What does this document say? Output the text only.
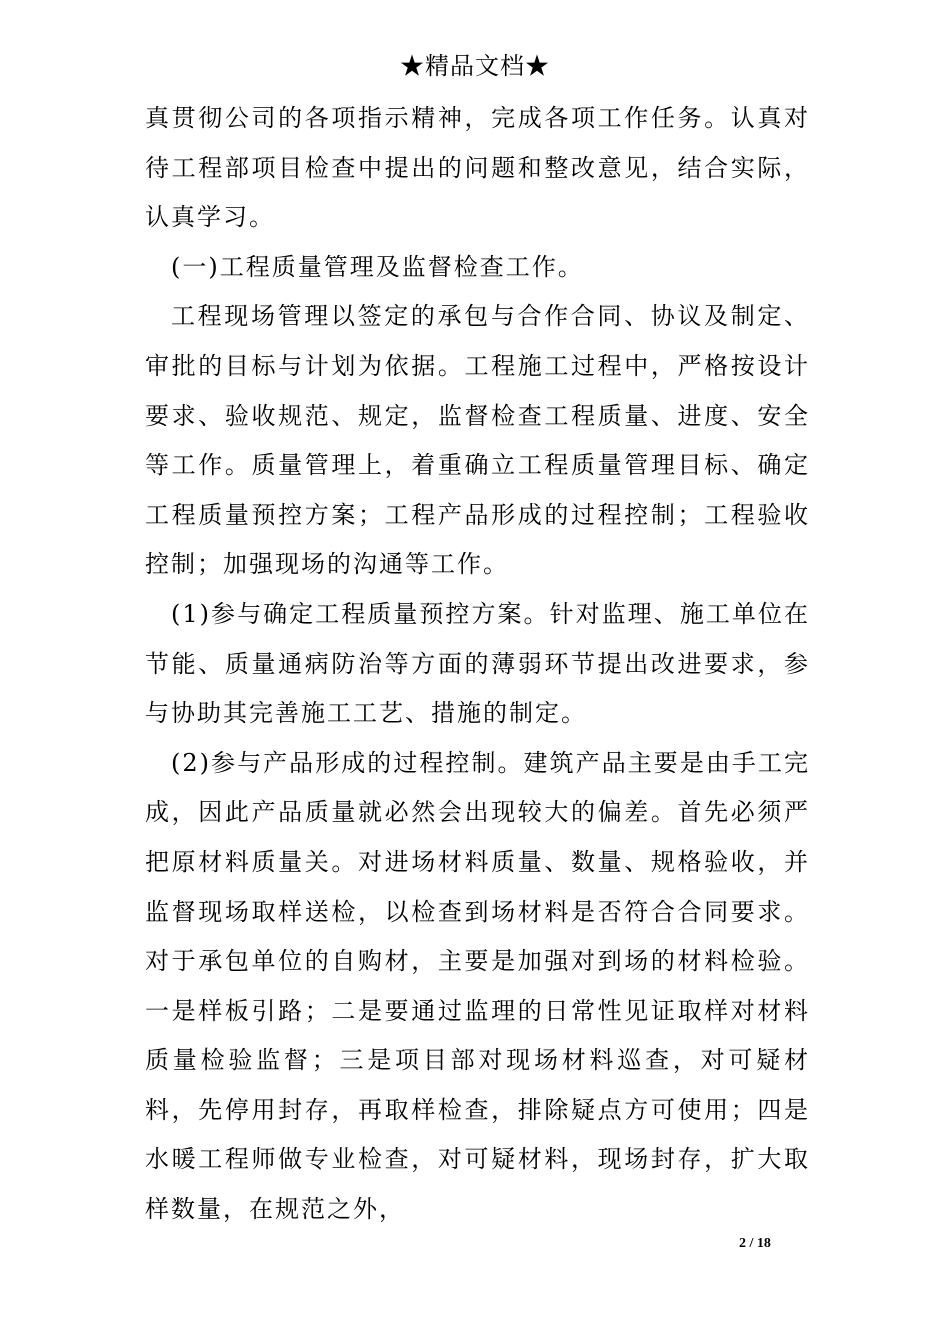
★精品文档★

真贯彻公司的各项指示精神，完成各项工作任务。认真对待工程部项目检查中提出的问题和整改意见，结合实际，认真学习。

(一)工程质量管理及监督检查工作。

工程现场管理以签定的承包与合作合同、协议及制定、审批的目标与计划为依据。工程施工过程中，严格按设计要求、验收规范、规定，监督检查工程质量、进度、安全等工作。质量管理上，着重确立工程质量管理目标、确定工程质量预控方案；工程产品形成的过程控制；工程验收控制；加强现场的沟通等工作。

(1)参与确定工程质量预控方案。针对监理、施工单位在节能、质量通病防治等方面的薄弱环节提出改进要求，参与协助其完善施工工艺、措施的制定。

(2)参与产品形成的过程控制。建筑产品主要是由手工完成，因此产品质量就必然会出现较大的偏差。首先必须严把原材料质量关。对进场材料质量、数量、规格验收，并监督现场取样送检，以检查到场材料是否符合合同要求。对于承包单位的自购材，主要是加强对到场的材料检验。一是样板引路；二是要通过监理的日常性见证取样对材料质量检验监督；三是项目部对现场材料巡查，对可疑材料，先停用封存，再取样检查，排除疑点方可使用；四是水暖工程师做专业检查，对可疑材料，现场封存，扩大取样数量，在规范之外，

2 / 18
